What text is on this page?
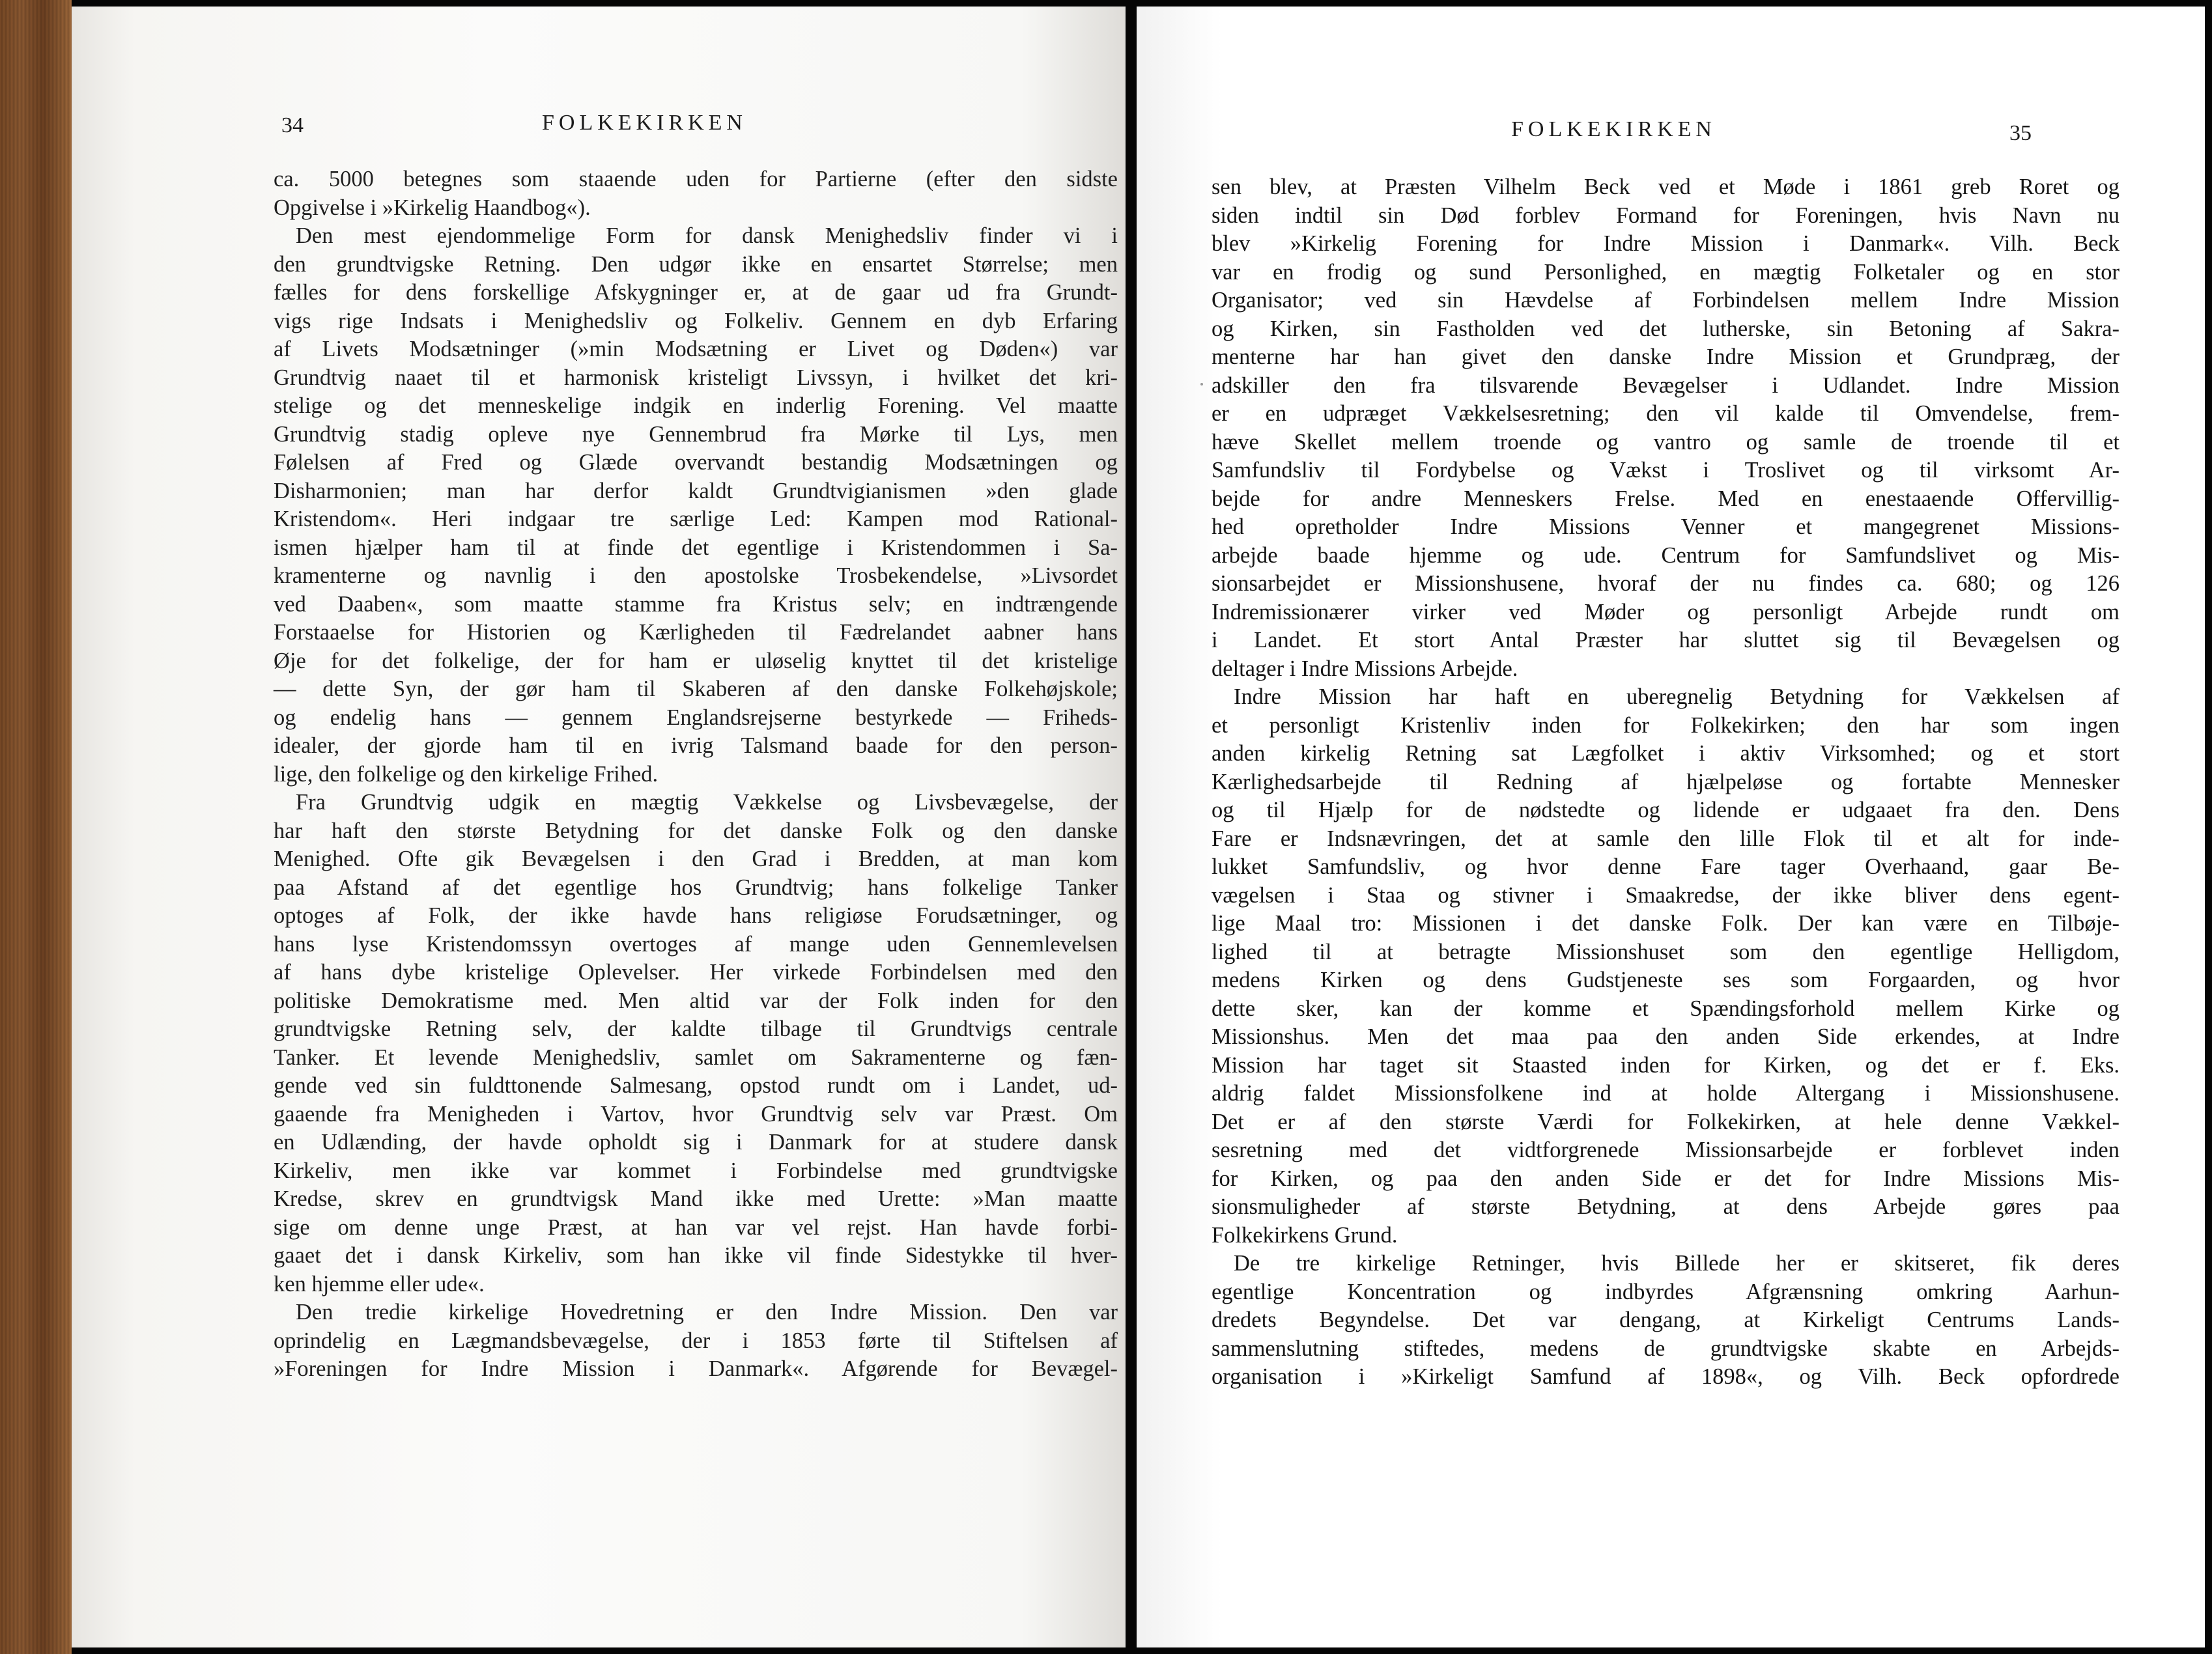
34	FOLKEKIRKEN
ca. 5000 betegnes som staaende uden for Partierne (efter den sidste
Opgivelse i »Kirkelig Haandbog«).
Den mest ejendommelige Form for dansk Menighedsliv finder vi i
den grundtvigske Retning. Den udgør ikke en ensartet Størrelse; men
fælles for dens forskellige Afskygninger er, at de gaar ud fra Grundt-
vigs rige Indsats i Menighedsliv og Folkeliv. Gennem en dyb Erfaring
af Livets Modsætninger (»min Modsætning er Livet og Døden«) var
Grundtvig naaet til et harmonisk kristeligt Livssyn, i hvilket det kri-
stelige og det menneskelige indgik en inderlig Forening. Vel maatte
Grundtvig stadig opleve nye Gennembrud fra Mørke til Lys, men
Følelsen af Fred og Glæde overvandt bestandig Modsætningen og
Disharmonien; man har derfor kaldt Grundtvigianismen »den glade
Kristendom«. Heri indgaar tre særlige Led: Kampen mod Rational-
ismen hjælper ham til at finde det egentlige i Kristendommen i Sa-
kramenterne og navnlig i den apostolske Trosbekendelse, »Livsordet
ved Daaben«, som maatte stamme fra Kristus selv; en indtrængende
Forstaaelse for Historien og Kærligheden til Fædrelandet aabner hans
Øje for det folkelige, der for ham er uløselig knyttet til det kristelige
— dette Syn, der gør ham til Skaberen af den danske Folkehøjskole;
og endelig hans — gennem Englandsrejserne bestyrkede — Friheds-
idealer, der gjorde ham til en ivrig Talsmand baade for den person-
lige, den folkelige og den kirkelige Frihed.
Fra Grundtvig udgik en mægtig Vækkelse og Livsbevægelse, der
har haft den største Betydning for det danske Folk og den danske
Menighed. Ofte gik Bevægelsen i den Grad i Bredden, at man kom
paa Afstand af det egentlige hos Grundtvig; hans folkelige Tanker
optoges af Folk, der ikke havde hans religiøse Forudsætninger, og
hans lyse Kristendomssyn overtoges af mange uden Gennemlevelsen
af hans dybe kristelige Oplevelser. Her virkede Forbindelsen med den
politiske Demokratisme med. Men altid var der Folk inden for den
grundtvigske Retning selv, der kaldte tilbage til Grundtvigs centrale
Tanker. Et levende Menighedsliv, samlet om Sakramenterne og fæn-
gende ved sin fuldttonende Salmesang, opstod rundt om i Landet, ud-
gaaende fra Menigheden i Vartov, hvor Grundtvig selv var Præst. Om
en Udlænding, der havde opholdt sig i Danmark for at studere dansk
Kirkeliv, men ikke var kommet i Forbindelse med grundtvigske
Kredse, skrev en grundtvigsk Mand ikke med Urette: »Man maatte
sige om denne unge Præst, at han var vel rejst. Han havde forbi-
gaaet det i dansk Kirkeliv, som han ikke vil finde Sidestykke til hver-
ken hjemme eller ude«.
Den tredie kirkelige Hovedretning er den Indre Mission. Den var
oprindelig en Lægmandsbevægelse, der i 1853 førte til Stiftelsen af
»Foreningen for Indre Mission i Danmark«. Afgørende for Bevægel-
FOLKEKIRKEN	35
sen blev, at Præsten Vilhelm Beck ved et Møde i 1861 greb Roret og
siden indtil sin Død forblev Formand for Foreningen, hvis Navn nu
blev »Kirkelig Forening for Indre Mission i Danmark«. Vilh. Beck
var en frodig og sund Personlighed, en mægtig Folketaler og en stor
Organisator; ved sin Hævdelse af Forbindelsen mellem Indre Mission
og Kirken, sin Fastholden ved det lutherske, sin Betoning af Sakra-
menterne har han givet den danske Indre Mission et Grundpræg, der
adskiller den fra tilsvarende Bevægelser i Udlandet. Indre Mission
er en udpræget Vækkelsesretning; den vil kalde til Omvendelse, frem-
hæve Skellet mellem troende og vantro og samle de troende til et
Samfundsliv til Fordybelse og Vækst i Troslivet og til virksomt Ar-
bejde for andre Menneskers Frelse. Med en enestaaende Offervillig-
hed opretholder Indre Missions Venner et mangegrenet Missions-
arbejde baade hjemme og ude. Centrum for Samfundslivet og Mis-
sionsarbejdet er Missionshusene, hvoraf der nu findes ca. 680; og 126
Indremissionærer virker ved Møder og personligt Arbejde rundt om
i Landet. Et stort Antal Præster har sluttet sig til Bevægelsen og
deltager i Indre Missions Arbejde.
Indre Mission har haft en uberegnelig Betydning for Vækkelsen af
et personligt Kristenliv inden for Folkekirken; den har som ingen
anden kirkelig Retning sat Lægfolket i aktiv Virksomhed; og et stort
Kærlighedsarbejde til Redning af hjælpeløse og fortabte Mennesker
og til Hjælp for de nødstedte og lidende er udgaaet fra den. Dens
Fare er Indsnævringen, det at samle den lille Flok til et alt for inde-
lukket Samfundsliv, og hvor denne Fare tager Overhaand, gaar Be-
vægelsen i Staa og stivner i Smaakredse, der ikke bliver dens egent-
lige Maal tro: Missionen i det danske Folk. Der kan være en Tilbøje-
lighed til at betragte Missionshuset som den egentlige Helligdom,
medens Kirken og dens Gudstjeneste ses som Forgaarden, og hvor
dette sker, kan der komme et Spændingsforhold mellem Kirke og
Missionshus. Men det maa paa den anden Side erkendes, at Indre
Mission har taget sit Staasted inden for Kirken, og det er f. Eks.
aldrig faldet Missionsfolkene ind at holde Altergang i Missionshusene.
Det er af den største Værdi for Folkekirken, at hele denne Vækkel-
sesretning med det vidtforgrenede Missionsarbejde er forblevet inden
for Kirken, og paa den anden Side er det for Indre Missions Mis-
sionsmuligheder af største Betydning, at dens Arbejde gøres paa
Folkekirkens Grund.
De tre kirkelige Retninger, hvis Billede her er skitseret, fik deres
egentlige Koncentration og indbyrdes Afgrænsning omkring Aarhun-
dredets Begyndelse. Det var dengang, at Kirkeligt Centrums Lands-
sammenslutning stiftedes, medens de grundtvigske skabte en Arbejds-
organisation i »Kirkeligt Samfund af 1898«, og Vilh. Beck opfordrede
